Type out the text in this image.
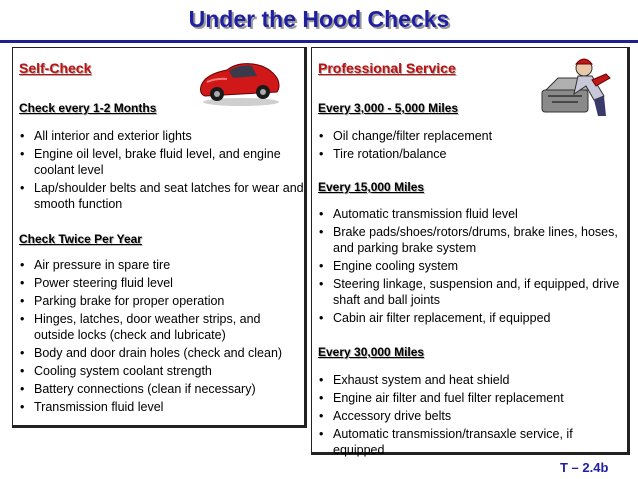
Under the Hood Checks
Self-Check
Check every 1-2 Months
• All interior and exterior lights
• Engine oil level, brake fluid level, and engine coolant level
• Lap/shoulder belts and seat latches for wear and smooth function
Check Twice Per Year
• Air pressure in spare tire
• Power steering fluid level
• Parking brake for proper operation
• Hinges, latches, door weather strips, and outside locks (check and lubricate)
• Body and door drain holes (check and clean)
• Cooling system coolant strength
• Battery connections (clean if necessary)
• Transmission fluid level
Professional Service
Every 3,000 - 5,000 Miles
• Oil change/filter replacement
• Tire rotation/balance
Every 15,000 Miles
• Automatic transmission fluid level
• Brake pads/shoes/rotors/drums, brake lines, hoses, and parking brake system
• Engine cooling system
• Steering linkage, suspension and, if equipped, drive shaft and ball joints
• Cabin air filter replacement, if equipped
Every 30,000 Miles
• Exhaust system and heat shield
• Engine air filter and fuel filter replacement
• Accessory drive belts
• Automatic transmission/transaxle service, if equipped
T – 2.4b
